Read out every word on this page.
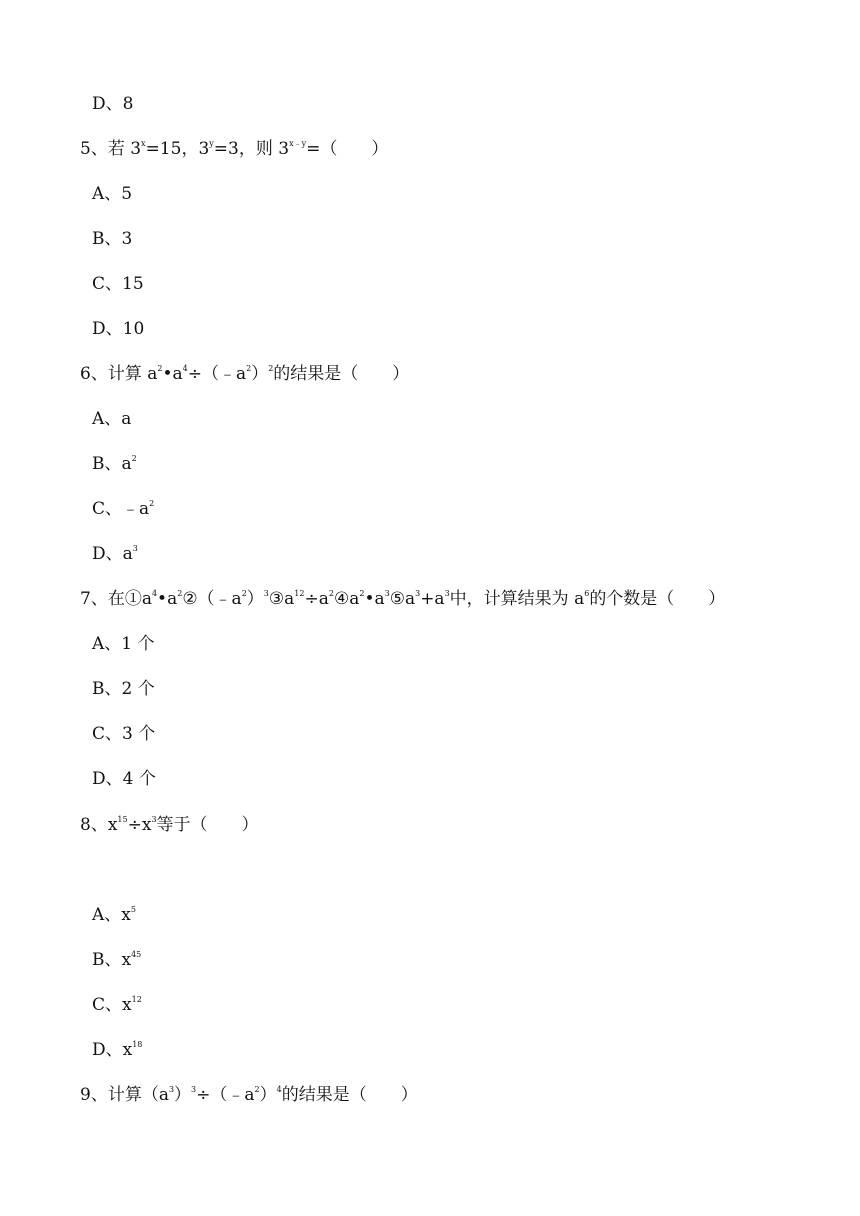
D、8
5、若 $3^x=15$，$3^y=3$，则 $3^{x﹣y}=$（　　）
A、5
B、3
C、15
D、10
6、计算 $a^2•a^4\div(﹣a^2)^2$的结果是（　　）
A、a
B、$a^2$
C、$﹣a^2$
D、$a^3$
7、在$①a^4•a^2②(﹣a^2)^3③a^{12}\div a^2④a^2•a^3⑤a^3+a^3$中，计算结果为 $a^6$的个数是（　　）
A、1 个
B、2 个
C、3 个
D、4 个
8、$x^{15}\div x^3$等于（　　）
A、$x^5$
B、$x^{45}$
C、$x^{12}$
D、$x^{18}$
9、计算$(a^3)^3\div(﹣a^2)^4$的结果是（　　）
